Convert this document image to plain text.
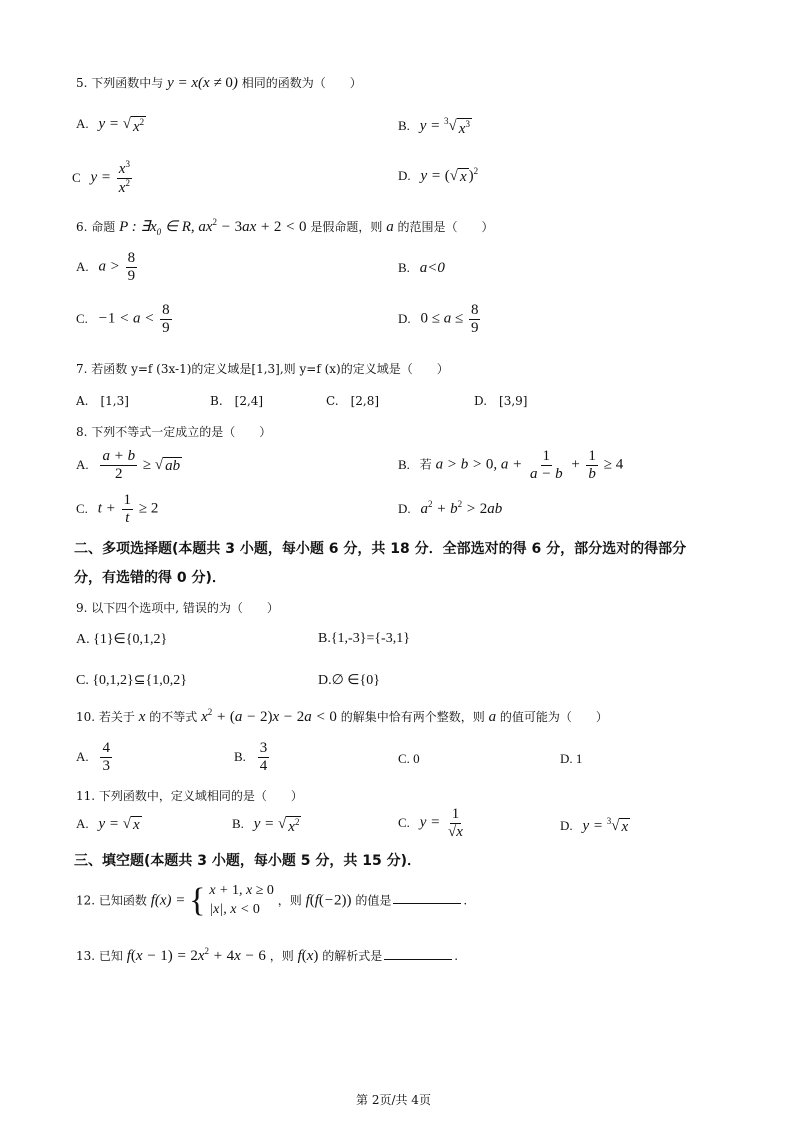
5. 下列函数中与 y = x(x ≠ 0) 相同的函数为（　　）
A. y = √ $x^2$	B. y = $^3$ √ $x^3$
C $y = \frac{x^3}{x^2}$	D. y = ( √ x )$^2$
6. 命题 P : $\exists x_0$ ∈ R, $ax^2 - 3ax + 2 < 0$ 是假命题，则 a 的范围是（　　）
A. $a > \frac{8}{9}$	B. a<0
C. $-1 < a < \frac{8}{9}$	D. $0 \le a \le \frac{8}{9}$
7. 若函数 y=f (3x-1)的定义域是[1,3],则 y=f (x)的定义域是（　　）
A.　[1,3]	B.　[2,4]	C.　[2,8]	D.　[3,9]
8. 下列不等式一定成立的是（　　）
A. $\frac{a + b}{2}$ ≥ √ ab	B. 若 a > b > 0, $a + \frac{1}{a - b} + \frac{1}{b} \ge 4$
C. $t + \frac{1}{t} \ge 2$	D. $a^2 + b^2 > 2ab$
二、多项选择题(本题共 3 小题，每小题 6 分，共 18 分．全部选对的得 6 分，部分选对的得部分
分，有选错的得 0 分)．
9. 以下四个选项中, 错误的为（　　）
A. {1}∈{0,1,2}	B.{1,-3}={-3,1}
C. {0,1,2}⊆{1,0,2}	D.∅ ∈{0}
10. 若关于 x 的不等式 $x^2 + (a - 2)x - 2a < 0$ 的解集中恰有两个整数，则 a 的值可能为（　　）
A. $\frac{4}{3}$	B. $\frac{3}{4}$	C. 0	D. 1
11. 下列函数中，定义域相同的是（　　）
A. y = √ x	B. y = √ $x^2$	C. $y = \frac{1}{√x}$	D. y = $^3$ √ x
三、填空题(本题共 3 小题，每小题 5 分，共 15 分)．
12. 已知函数 f(x) = { x + 1, x ≥ 0
|x|, x < 0
，则 f(f(−2)) 的值是	.
13. 已知 $f(x - 1) = 2x^2 + 4x - 6$ ，则 f(x) 的解析式是	.
第 2页/共 4页
